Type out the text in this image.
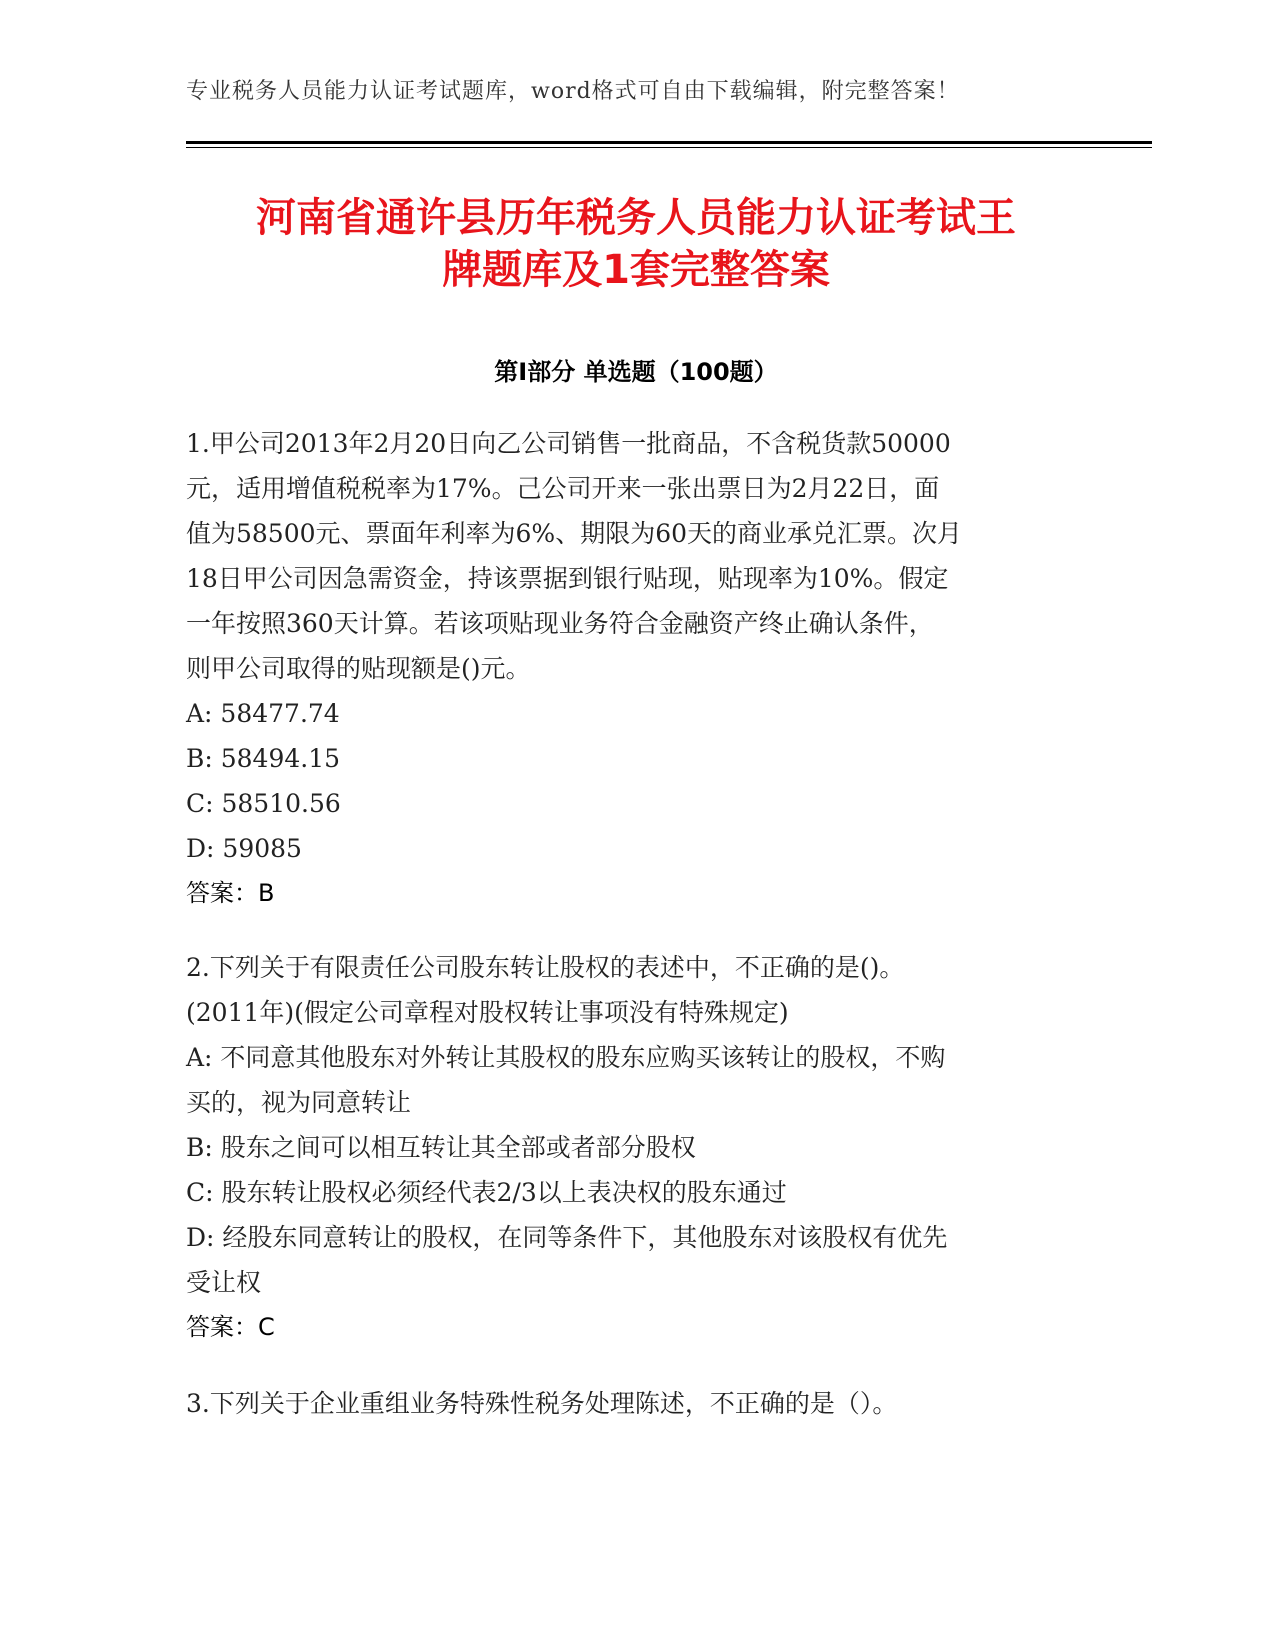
专业税务人员能力认证考试题库，word格式可自由下载编辑，附完整答案！
河南省通许县历年税务人员能力认证考试王
牌题库及1套完整答案
第Ⅰ部分 单选题（100题）

1.甲公司2013年2月20日向乙公司销售一批商品，不含税货款50000

元，适用增值税税率为17%。己公司开来一张出票日为2月22日，面

值为58500元、票面年利率为6%、期限为60天的商业承兑汇票。次月

18日甲公司因急需资金，持该票据到银行贴现，贴现率为10%。假定

一年按照360天计算。若该项贴现业务符合金融资产终止确认条件，

则甲公司取得的贴现额是()元。

A: 58477.74

B: 58494.15

C: 58510.56

D: 59085

答案：B

2.下列关于有限责任公司股东转让股权的表述中，不正确的是()。

(2011年)(假定公司章程对股权转让事项没有特殊规定)

A: 不同意其他股东对外转让其股权的股东应购买该转让的股权，不购

买的，视为同意转让

B: 股东之间可以相互转让其全部或者部分股权

C: 股东转让股权必须经代表2/3以上表决权的股东通过

D: 经股东同意转让的股权，在同等条件下，其他股东对该股权有优先

受让权

答案：C

3.下列关于企业重组业务特殊性税务处理陈述，不正确的是（）。
